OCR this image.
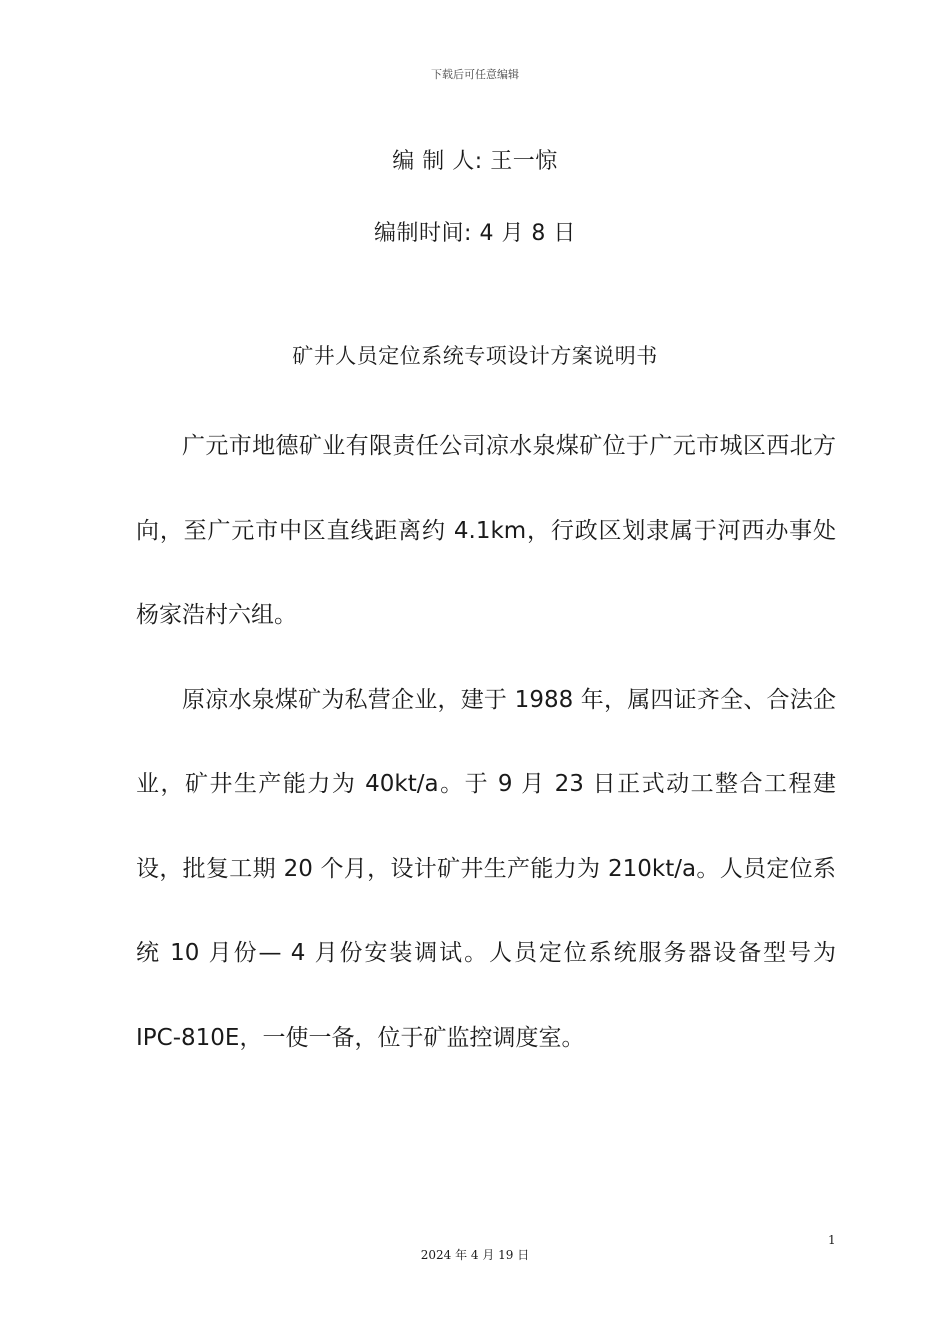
下载后可任意编辑
编 制 人: 王一惊
编制时间: 4 月 8 日
矿井人员定位系统专项设计方案说明书

广元市地德矿业有限责任公司凉水泉煤矿位于广元市城区西北方向，至广元市中区直线距离约 4.1km，行政区划隶属于河西办事处杨家浩村六组。

原凉水泉煤矿为私营企业，建于 1988 年，属四证齐全、合法企业，矿井生产能力为 40kt/a。于 9 月 23 日正式动工整合工程建设，批复工期 20 个月，设计矿井生产能力为 210kt/a。人员定位系统 10 月份— 4 月份安装调试。人员定位系统服务器设备型号为 IPC-810E，一使一备，位于矿监控调度室。

1
2024 年 4 月 19 日
